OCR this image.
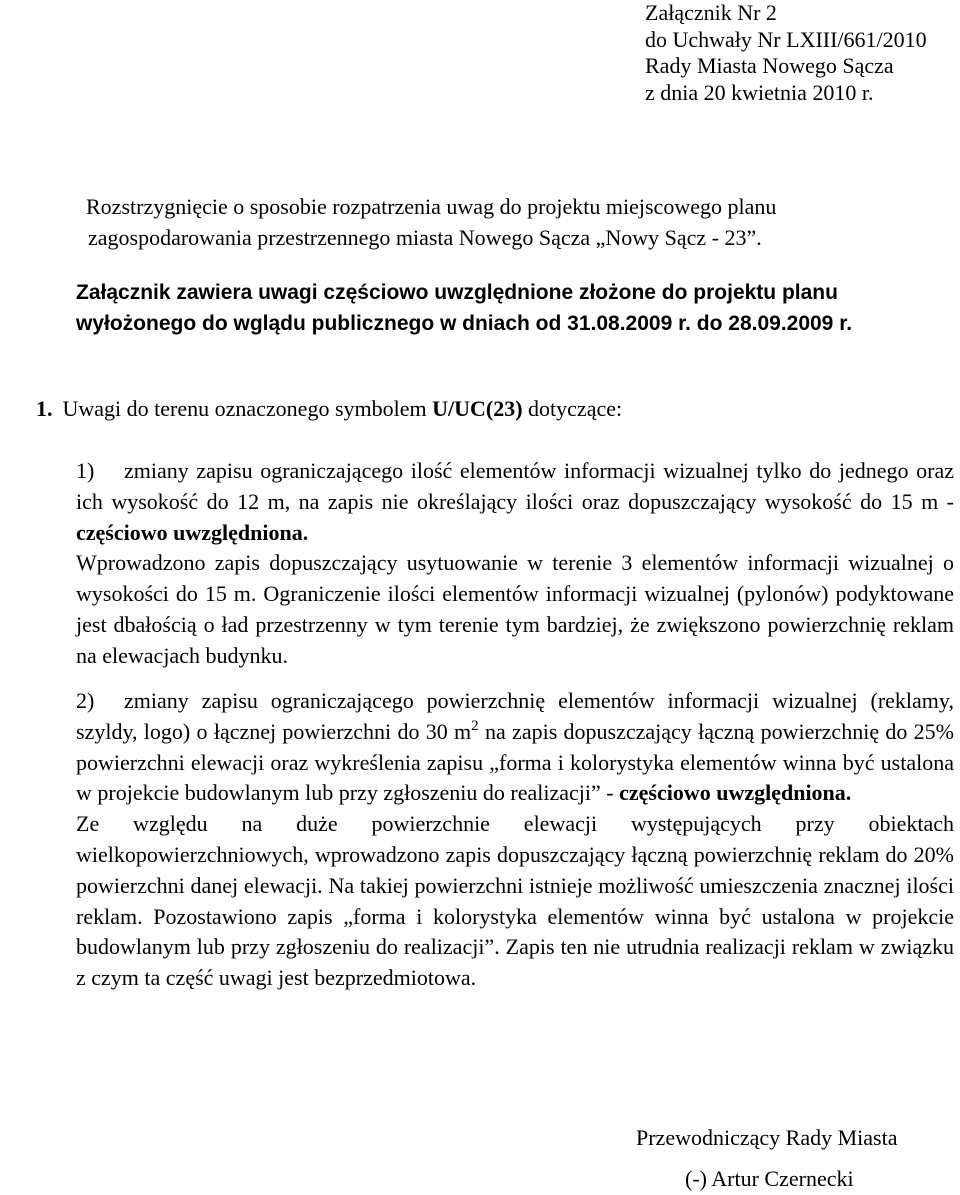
Załącznik Nr 2
do Uchwały Nr LXIII/661/2010
Rady Miasta Nowego Sącza
z dnia 20 kwietnia 2010 r.
Rozstrzygnięcie o sposobie rozpatrzenia uwag do projektu miejscowego planu
zagospodarowania przestrzennego miasta Nowego Sącza „Nowy Sącz - 23”.
Załącznik zawiera uwagi częściowo uwzględnione złożone do projektu planu
wyłożonego do wglądu publicznego w dniach od 31.08.2009 r. do 28.09.2009 r.
1. Uwagi do terenu oznaczonego symbolem U/UC(23) dotyczące:
1)	zmiany zapisu ograniczającego ilość elementów informacji wizualnej tylko do jednego oraz ich wysokość do 12 m, na zapis nie określający ilości oraz dopuszczający wysokość do 15 m - częściowo uwzględniona.
Wprowadzono zapis dopuszczający usytuowanie w terenie 3 elementów informacji wizualnej o wysokości do 15 m. Ograniczenie ilości elementów informacji wizualnej (pylonów) podyktowane jest dbałością o ład przestrzenny w tym terenie tym bardziej, że zwiększono powierzchnię reklam na elewacjach budynku.
2)	zmiany zapisu ograniczającego powierzchnię elementów informacji wizualnej (reklamy, szyldy, logo) o łącznej powierzchni do 30 $m^2$ na zapis dopuszczający łączną powierzchnię do 25% powierzchni elewacji oraz wykreślenia zapisu „forma i kolorystyka elementów winna być ustalona w projekcie budowlanym lub przy zgłoszeniu do realizacji” - częściowo uwzględniona.
Ze względu na duże powierzchnie elewacji występujących przy obiektach wielkopowierzchniowych, wprowadzono zapis dopuszczający łączną powierzchnię reklam do 20% powierzchni danej elewacji. Na takiej powierzchni istnieje możliwość umieszczenia znacznej ilości reklam. Pozostawiono zapis „forma i kolorystyka elementów winna być ustalona w projekcie budowlanym lub przy zgłoszeniu do realizacji”. Zapis ten nie utrudnia realizacji reklam w związku z czym ta część uwagi jest bezprzedmiotowa.
Przewodniczący Rady Miasta
(-) Artur Czernecki
